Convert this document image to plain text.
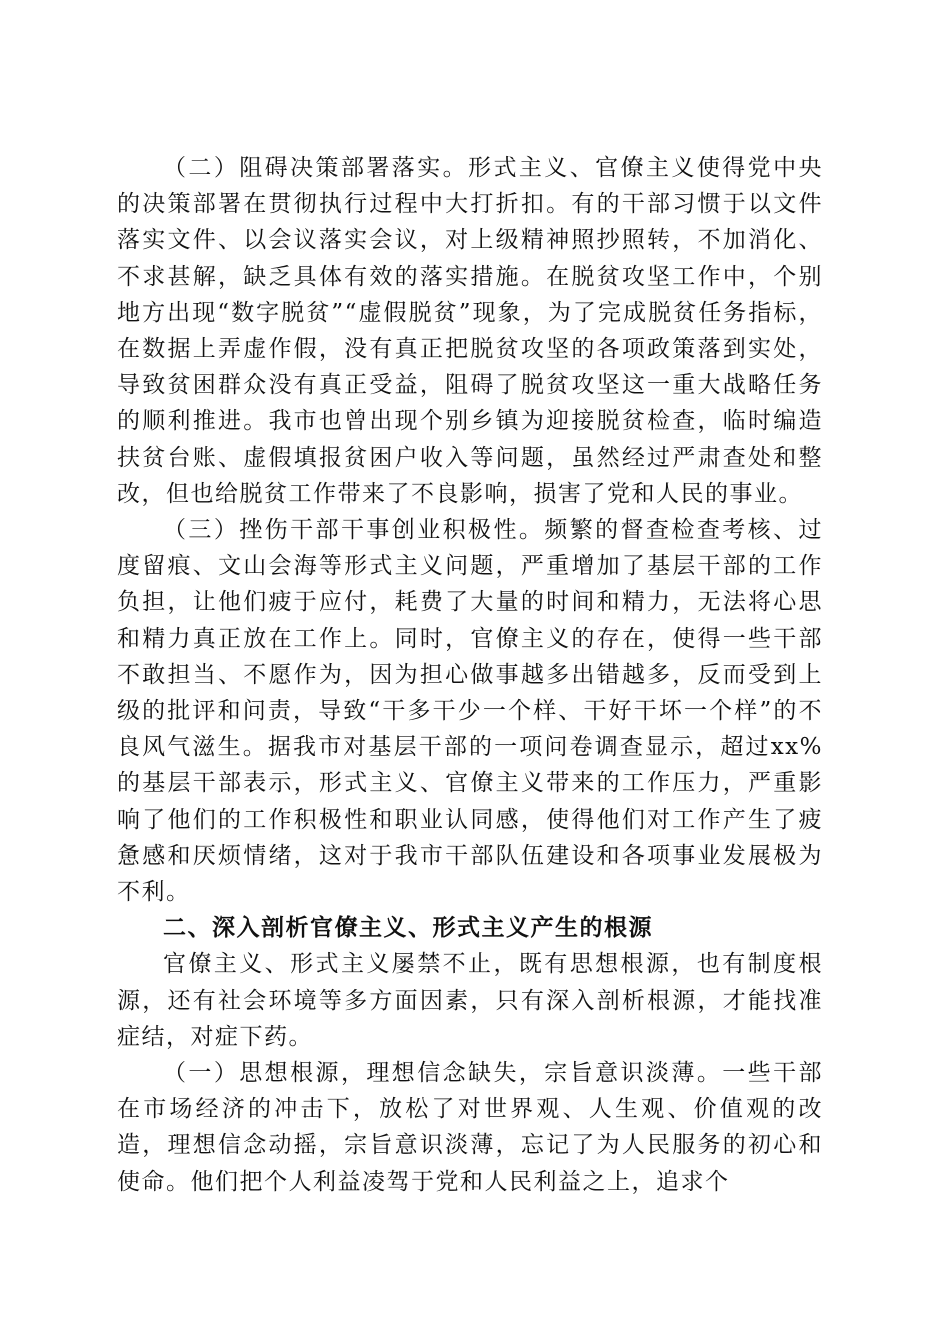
（二）阻碍决策部署落实。形式主义、官僚主义使得党中央的决策部署在贯彻执行过程中大打折扣。有的干部习惯于以文件落实文件、以会议落实会议，对上级精神照抄照转，不加消化、不求甚解，缺乏具体有效的落实措施。在脱贫攻坚工作中，个别地方出现“数字脱贫”“虚假脱贫”现象，为了完成脱贫任务指标，在数据上弄虚作假，没有真正把脱贫攻坚的各项政策落到实处，导致贫困群众没有真正受益，阻碍了脱贫攻坚这一重大战略任务的顺利推进。我市也曾出现个别乡镇为迎接脱贫检查，临时编造扶贫台账、虚假填报贫困户收入等问题，虽然经过严肃查处和整改，但也给脱贫工作带来了不良影响，损害了党和人民的事业。

（三）挫伤干部干事创业积极性。频繁的督查检查考核、过度留痕、文山会海等形式主义问题，严重增加了基层干部的工作负担，让他们疲于应付，耗费了大量的时间和精力，无法将心思和精力真正放在工作上。同时，官僚主义的存在，使得一些干部不敢担当、不愿作为，因为担心做事越多出错越多，反而受到上级的批评和问责，导致“干多干少一个样、干好干坏一个样”的不良风气滋生。据我市对基层干部的一项问卷调查显示，超过xx%的基层干部表示，形式主义、官僚主义带来的工作压力，严重影响了他们的工作积极性和职业认同感，使得他们对工作产生了疲惫感和厌烦情绪，这对于我市干部队伍建设和各项事业发展极为不利。

二、深入剖析官僚主义、形式主义产生的根源

官僚主义、形式主义屡禁不止，既有思想根源，也有制度根源，还有社会环境等多方面因素，只有深入剖析根源，才能找准症结，对症下药。

（一）思想根源，理想信念缺失，宗旨意识淡薄。一些干部在市场经济的冲击下，放松了对世界观、人生观、价值观的改造，理想信念动摇，宗旨意识淡薄，忘记了为人民服务的初心和使命。他们把个人利益凌驾于党和人民利益之上，追求个
